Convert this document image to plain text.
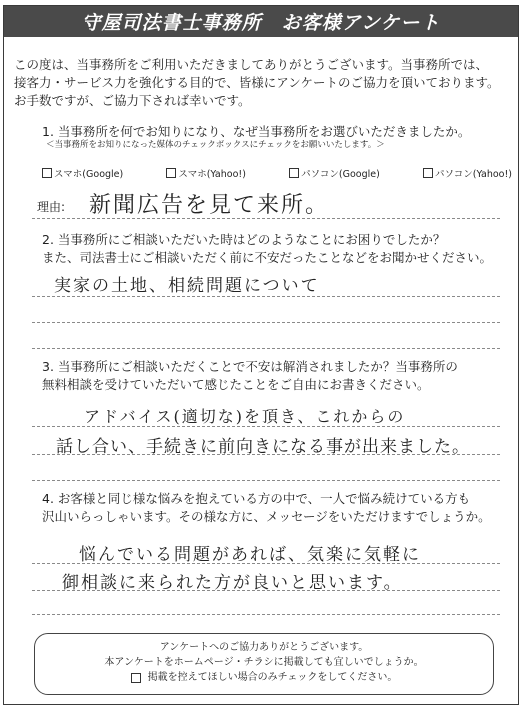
守屋司法書士事務所　お客様アンケート
この度は、当事務所をご利用いただきましてありがとうございます。当事務所では、
接客力・サービス力を強化する目的で、皆様にアンケートのご協力を頂いております。
お手数ですが、ご協力下されば幸いです。
1. 当事務所を何でお知りになり、なぜ当事務所をお選びいただきましたか。
＜当事務所をお知りになった媒体のチェックボックスにチェックをお願いいたします。＞
スマホ(Google)	スマホ(Yahoo!)	パソコン(Google)	パソコン(Yahoo!)
理由: 新聞広告を見て来所。
2. 当事務所にご相談いただいた時はどのようなことにお困りでしたか？
また、司法書士にご相談いただく前に不安だったことなどをお聞かせください。
実家の土地、相続問題について
3. 当事務所にご相談いただくことで不安は解消されましたか？当事務所の
無料相談を受けていただいて感じたことをご自由にお書きください。
アドバイス(適切な)を頂き、これからの
話し合い、手続きに前向きになる事が出来ました。
4. お客様と同じ様な悩みを抱えている方の中で、一人で悩み続けている方も
沢山いらっしゃいます。その様な方に、メッセージをいただけますでしょうか。
悩んでいる問題があれば、気楽に気軽に
御相談に来られた方が良いと思います。
アンケートへのご協力ありがとうございます。
本アンケートをホームページ・チラシに掲載しても宜しいでしょうか。
掲載を控えてほしい場合のみチェックをしてください。
